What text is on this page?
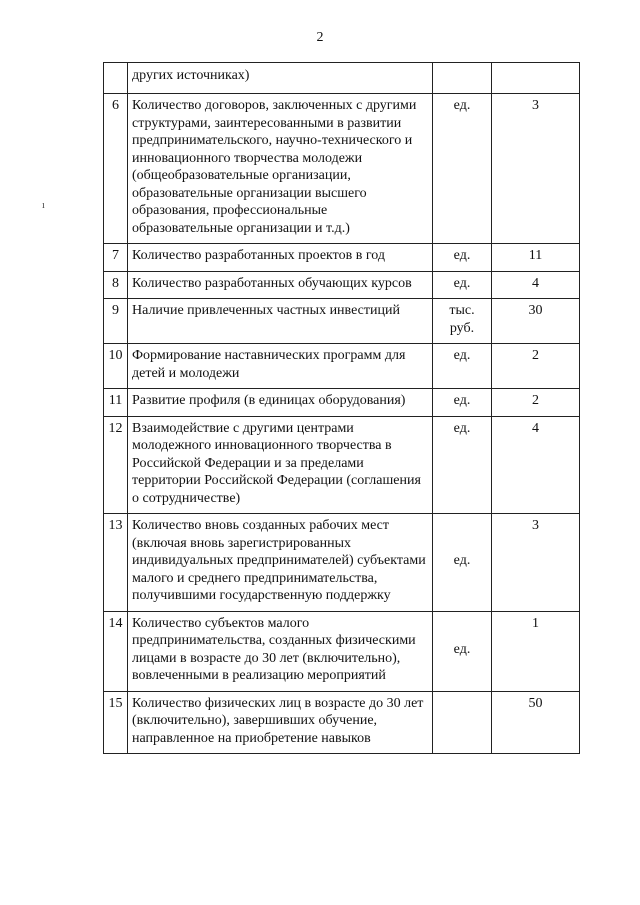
2
ı
	других источниках)		
6	Количество договоров, заключенных с другими структурами, заинтересованными в развитии предпринимательского, научно-технического и инновационного творчества молодежи (общеобразовательные организации, образовательные организации высшего образования, профессиональные образовательные организации и т.д.)	ед.	3
7	Количество разработанных проектов в год	ед.	11
8	Количество разработанных обучающих курсов	ед.	4
9	Наличие привлеченных частных инвестиций	тыс. руб.	30
10	Формирование наставнических программ для детей и молодежи	ед.	2
11	Развитие профиля (в единицах оборудования)	ед.	2
12	Взаимодействие с другими центрами молодежного инновационного творчества в Российской Федерации и за пределами территории Российской Федерации (соглашения о сотрудничестве)	ед.	4
13	Количество вновь созданных рабочих мест (включая вновь зарегистрированных индивидуальных предпринимателей) субъектами малого и среднего предпринимательства, получившими государственную поддержку	ед.	3
14	Количество субъектов малого предпринимательства, созданных физическими лицами в возрасте до 30 лет (включительно), вовлеченными в реализацию мероприятий	ед.	1
15	Количество физических лиц в возрасте до 30 лет (включительно), завершивших обучение, направленное на приобретение навыков		50
